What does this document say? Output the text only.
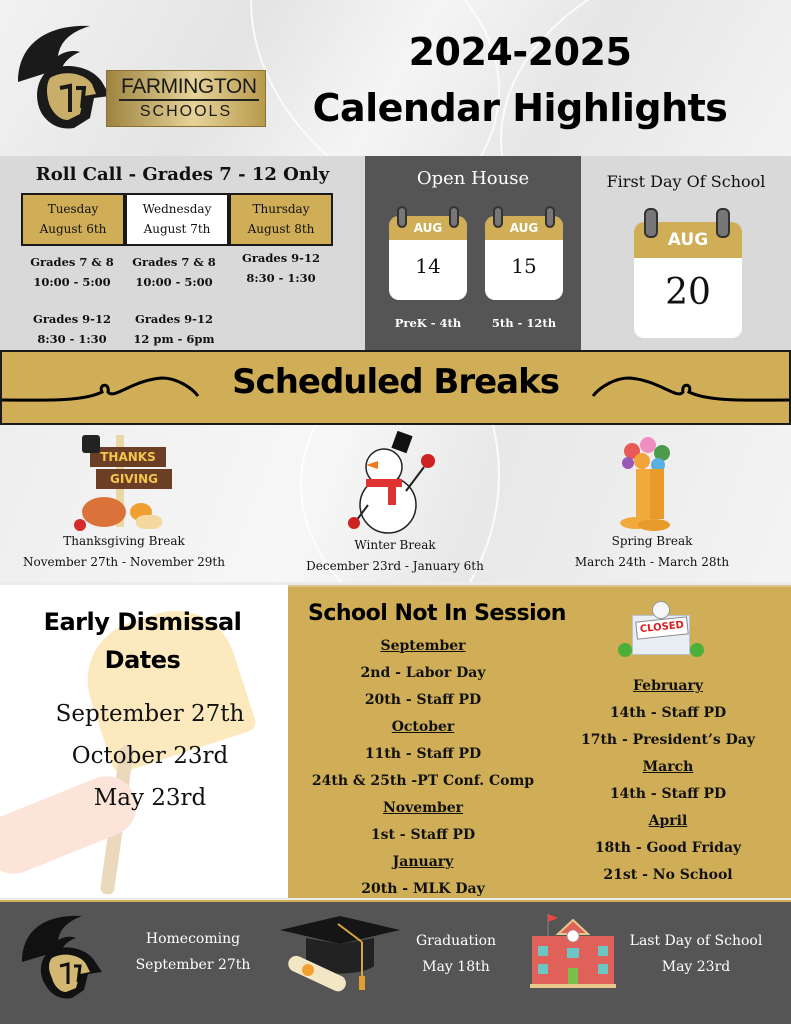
FARMINGTON
SCHOOLS
2024-2025
Calendar Highlights
Roll Call - Grades 7 - 12 Only
Tuesday
August 6th
Wednesday
August 7th
Thursday
August 8th
Grades 7 & 8
10:00 - 5:00
Grades 9-12
8:30 - 1:30
Grades 7 & 8
10:00 - 5:00
Grades 9-12
12 pm - 6pm
Grades 9-12
8:30 - 1:30
Open House
AUG
14
AUG
15
PreK - 4th	5th - 12th
First Day Of School
AUG
20
Scheduled Breaks
THANKS
GIVING
Thanksgiving Break
November 27th - November 29th
Winter Break
December 23rd - January 6th
Spring Break
March 24th - March 28th
Early Dismissal
Dates
September 27th
October 23rd
May 23rd
School Not In Session
CLOSED
September
2nd - Labor Day
20th - Staff PD
October
11th - Staff PD
24th & 25th -PT Conf. Comp
November
1st - Staff PD
January
20th - MLK Day
February
14th - Staff PD
17th - President’s Day
March
14th - Staff PD
April
18th - Good Friday
21st - No School
Homecoming
September 27th
Graduation
May 18th
Last Day of School
May 23rd
